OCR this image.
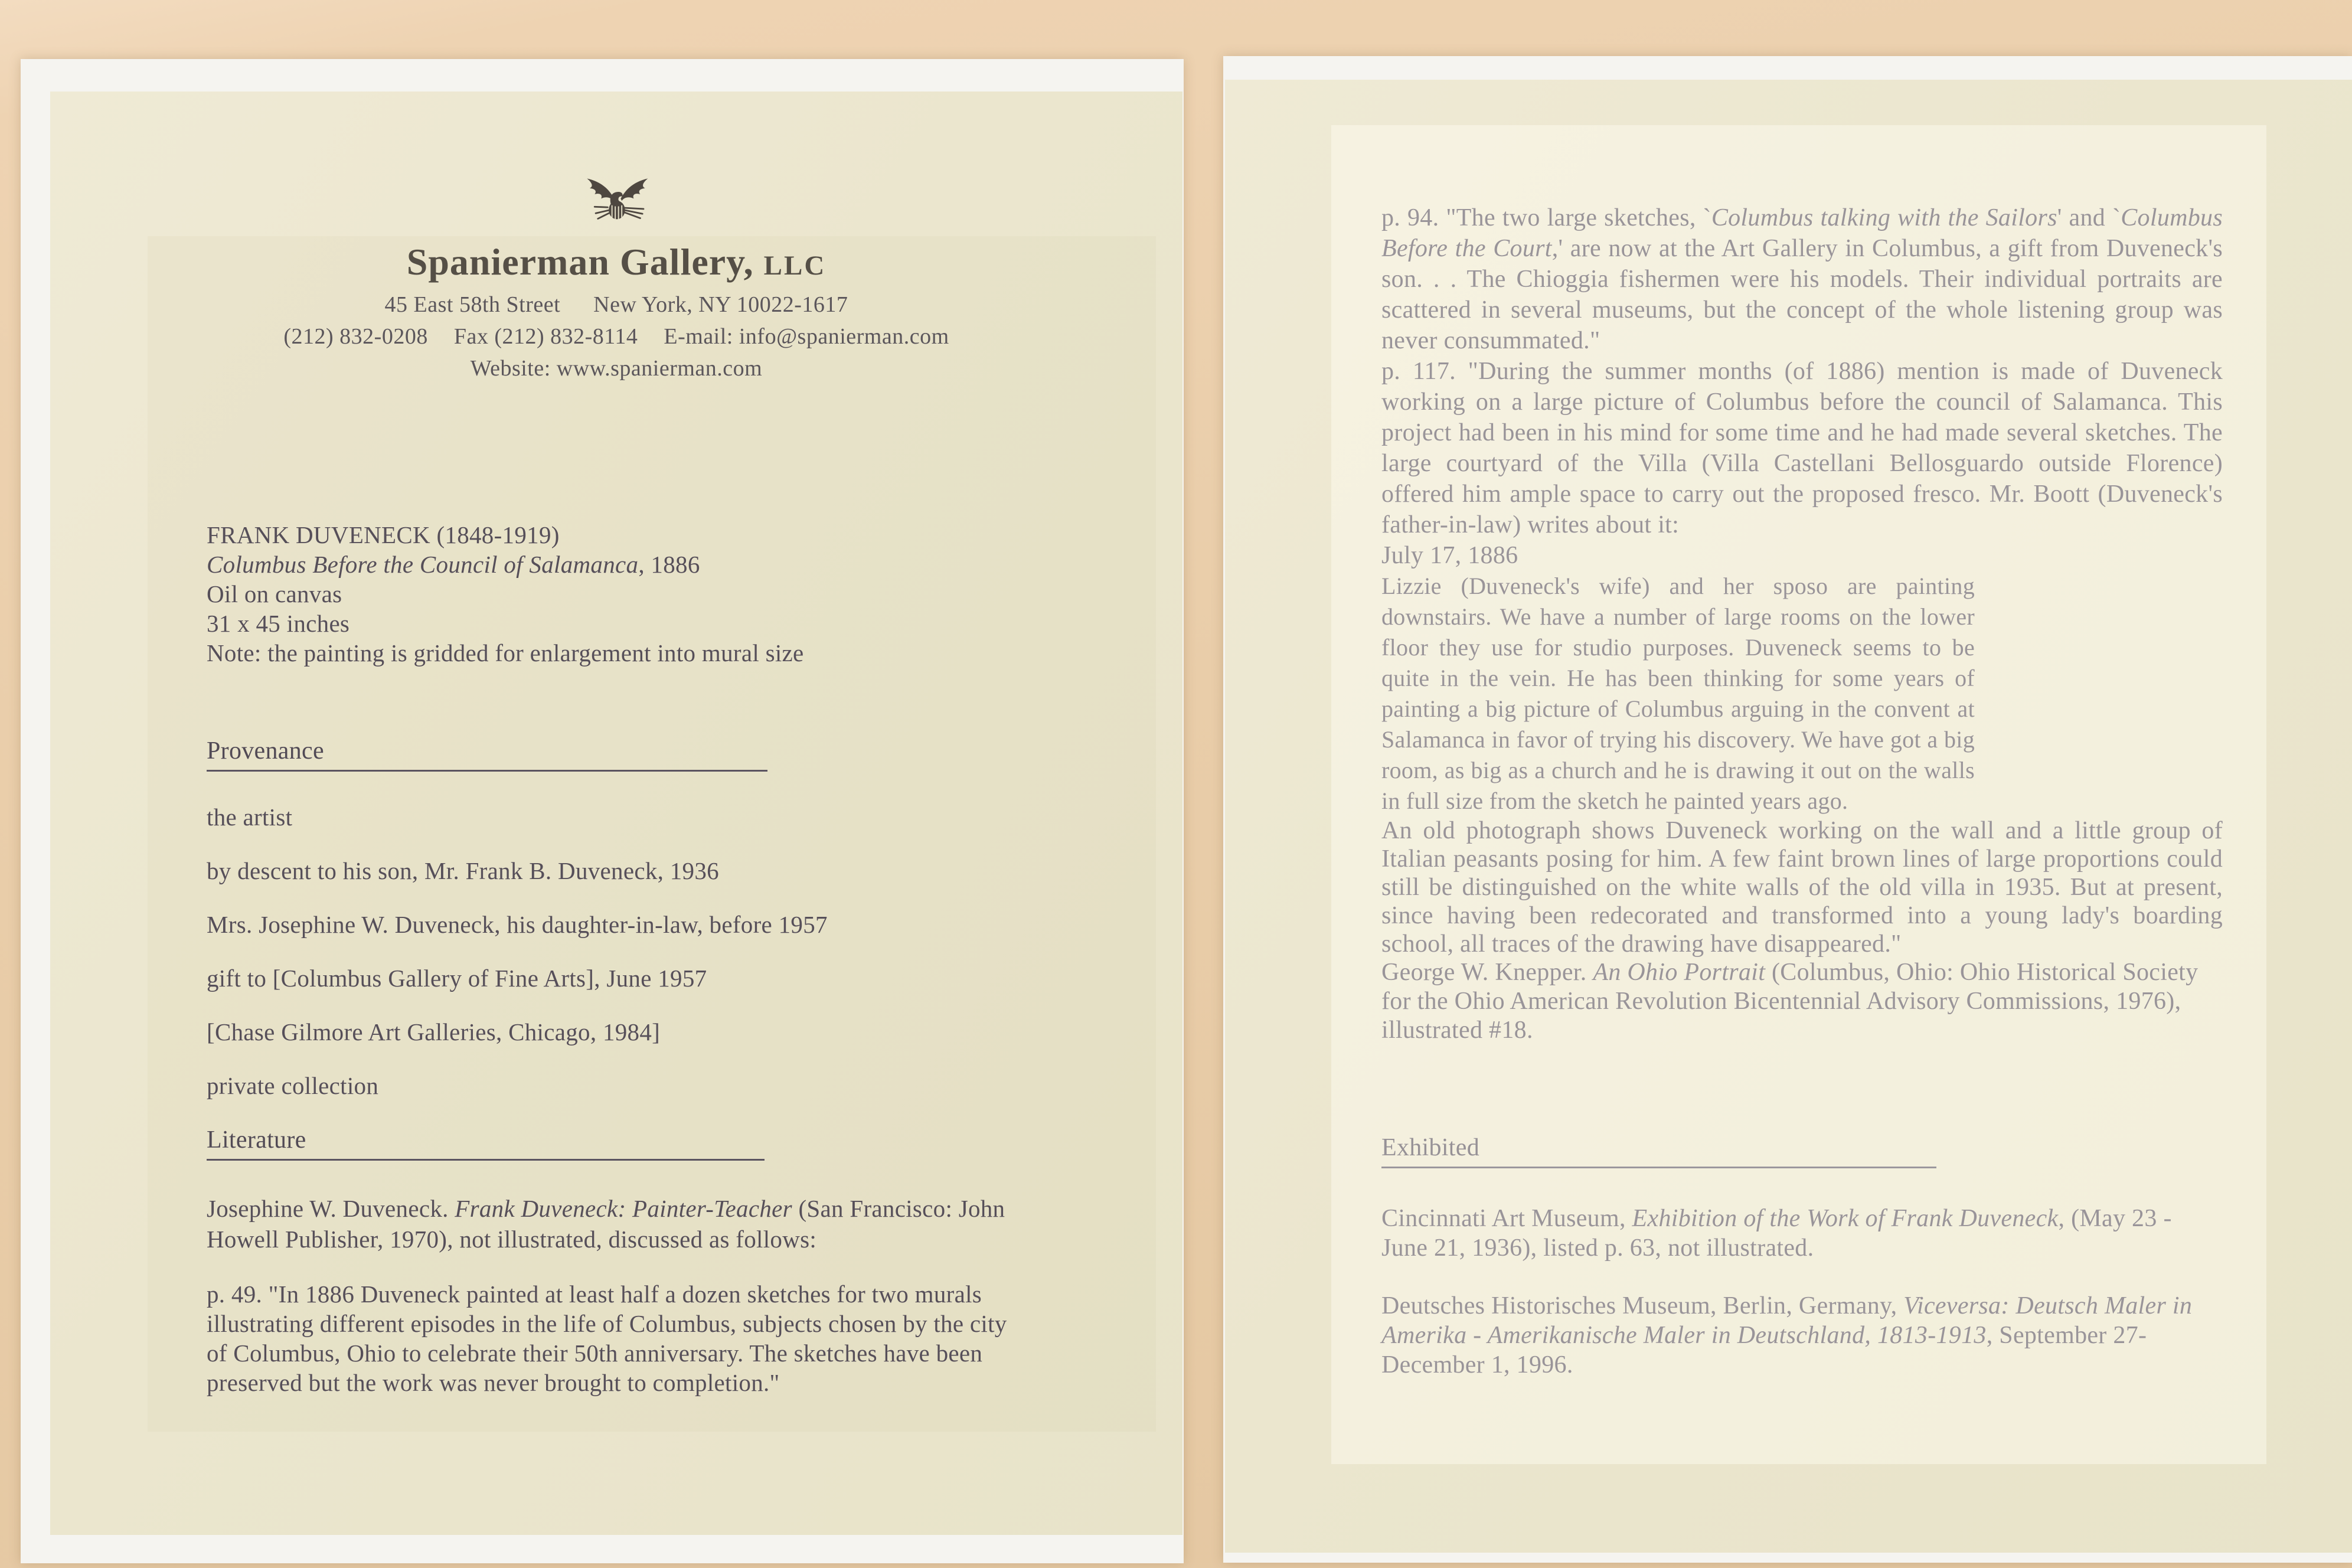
Spanierman Gallery, LLC
45 East 58th Street New York, NY 10022-1617
(212) 832-0208 Fax (212) 832-8114 E-mail: info@spanierman.com
Website: www.spanierman.com

FRANK DUVENECK (1848-1919)

Columbus Before the Council of Salamanca, 1886

Oil on canvas

31 x 45 inches

Note: the painting is gridded for enlargement into mural size

Provenance

the artist

by descent to his son, Mr. Frank B. Duveneck, 1936

Mrs. Josephine W. Duveneck, his daughter-in-law, before 1957

gift to [Columbus Gallery of Fine Arts], June 1957

[Chase Gilmore Art Galleries, Chicago, 1984]

private collection

Literature

Josephine W. Duveneck. Frank Duveneck: Painter-Teacher (San Francisco: John Howell Publisher, 1970), not illustrated, discussed as follows:

p. 49. "In 1886 Duveneck painted at least half a dozen sketches for two murals illustrating different episodes in the life of Columbus, subjects chosen by the city of Columbus, Ohio to celebrate their 50th anniversary. The sketches have been preserved but the work was never brought to completion."

p. 94. "The two large sketches, `Columbus talking with the Sailors' and `Columbus Before the Court,' are now at the Art Gallery in Columbus, a gift from Duveneck's son. . . The Chioggia fishermen were his models. Their individual portraits are scattered in several museums, but the concept of the whole listening group was never consummated."

p. 117. "During the summer months (of 1886) mention is made of Duveneck working on a large picture of Columbus before the council of Salamanca. This project had been in his mind for some time and he had made several sketches. The large courtyard of the Villa (Villa Castellani Bellosguardo outside Florence) offered him ample space to carry out the proposed fresco. Mr. Boott (Duveneck's father-in-law) writes about it:

July 17, 1886

Lizzie (Duveneck's wife) and her sposo are painting downstairs. We have a number of large rooms on the lower floor they use for studio purposes. Duveneck seems to be quite in the vein. He has been thinking for some years of painting a big picture of Columbus arguing in the convent at Salamanca in favor of trying his discovery. We have got a big room, as big as a church and he is drawing it out on the walls in full size from the sketch he painted years ago.

An old photograph shows Duveneck working on the wall and a little group of Italian peasants posing for him. A few faint brown lines of large proportions could still be distinguished on the white walls of the old villa in 1935. But at present, since having been redecorated and transformed into a young lady's boarding school, all traces of the drawing have disappeared."

George W. Knepper. An Ohio Portrait (Columbus, Ohio: Ohio Historical Society for the Ohio American Revolution Bicentennial Advisory Commissions, 1976), illustrated #18.

Exhibited

Cincinnati Art Museum, Exhibition of the Work of Frank Duveneck, (May 23 - June 21, 1936), listed p. 63, not illustrated.

Deutsches Historisches Museum, Berlin, Germany, Viceversa: Deutsch Maler in Amerika - Amerikanische Maler in Deutschland, 1813-1913, September 27-December 1, 1996.
